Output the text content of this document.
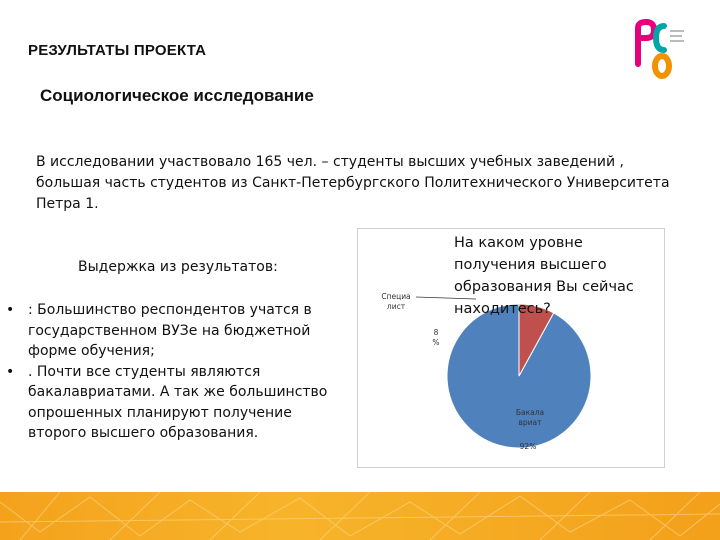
РЕЗУЛЬТАТЫ ПРОЕКТА
Социологическое исследование
В исследовании участвовало 165 чел. – студенты высших учебных заведений , большая часть студентов из Санкт-Петербургского Политехнического Университета Петра 1.
Выдержка из результатов:
• : Большинство респондентов учатся в государственном ВУЗе на бюджетной форме обучения;
• . Почти все студенты являются бакалавриатами. А так же большинство опрошенных планируют получение второго высшего образования.
Бакала вриат
92%
Специа лист
8 %
На каком уровне получения высшего образования Вы сейчас находитесь?
